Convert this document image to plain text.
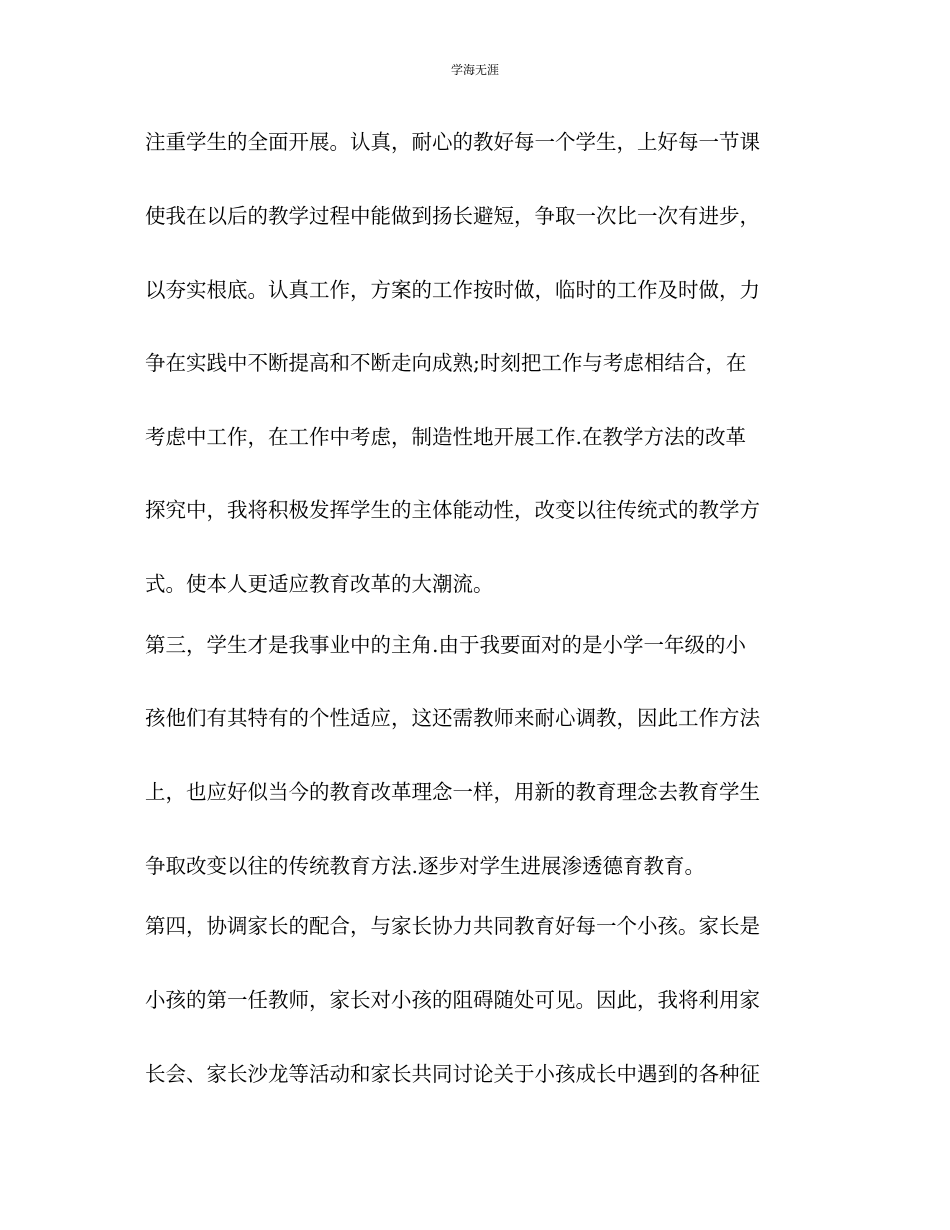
学海无涯
注重学生的全面开展。认真，耐心的教好每一个学生，上好每一节课
使我在以后的教学过程中能做到扬长避短，争取一次比一次有进步，
以夯实根底。认真工作，方案的工作按时做，临时的工作及时做，力
争在实践中不断提高和不断走向成熟;时刻把工作与考虑相结合，在
考虑中工作，在工作中考虑，制造性地开展工作.在教学方法的改革
探究中，我将积极发挥学生的主体能动性，改变以往传统式的教学方
式。使本人更适应教育改革的大潮流。
第三，学生才是我事业中的主角.由于我要面对的是小学一年级的小
孩他们有其特有的个性适应，这还需教师来耐心调教，因此工作方法
上，也应好似当今的教育改革理念一样，用新的教育理念去教育学生
争取改变以往的传统教育方法.逐步对学生进展渗透德育教育。
第四，协调家长的配合，与家长协力共同教育好每一个小孩。家长是
小孩的第一任教师，家长对小孩的阻碍随处可见。因此，我将利用家
长会、家长沙龙等活动和家长共同讨论关于小孩成长中遇到的各种征
